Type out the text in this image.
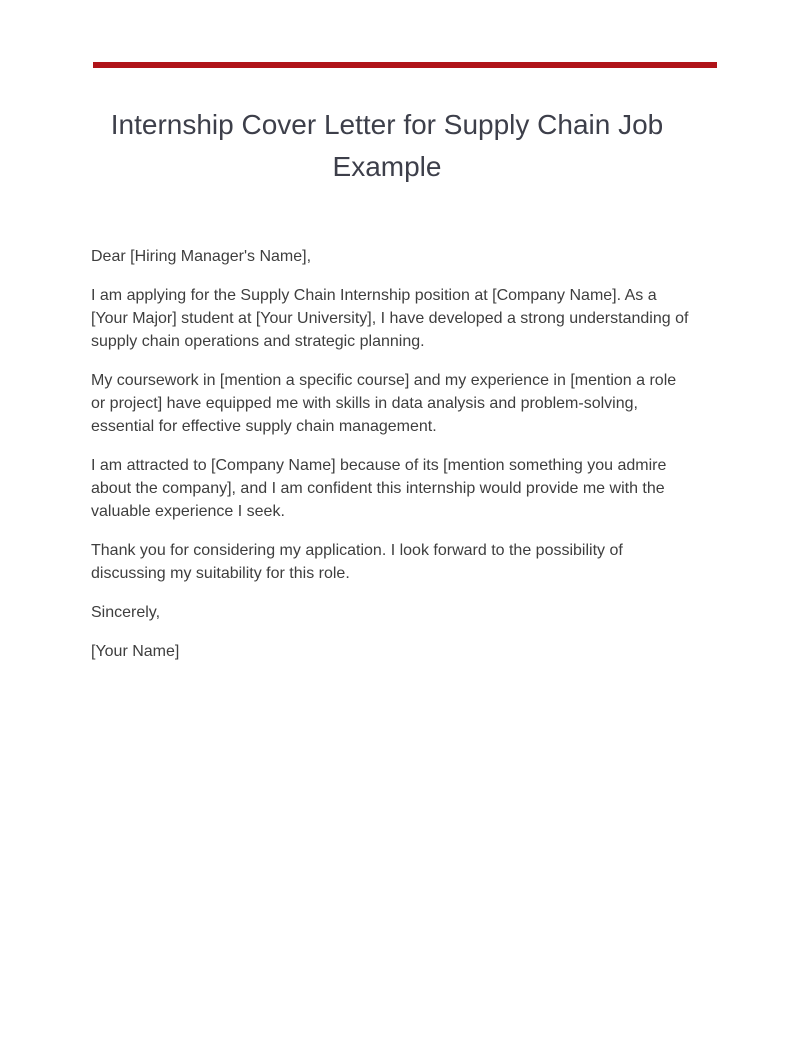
Internship Cover Letter for Supply Chain Job Example

Dear [Hiring Manager's Name],

I am applying for the Supply Chain Internship position at [Company Name]. As a [Your Major] student at [Your University], I have developed a strong understanding of supply chain operations and strategic planning.

My coursework in [mention a specific course] and my experience in [mention a role or project] have equipped me with skills in data analysis and problem-solving, essential for effective supply chain management.

I am attracted to [Company Name] because of its [mention something you admire about the company], and I am confident this internship would provide me with the valuable experience I seek.

Thank you for considering my application. I look forward to the possibility of discussing my suitability for this role.

Sincerely,

[Your Name]
